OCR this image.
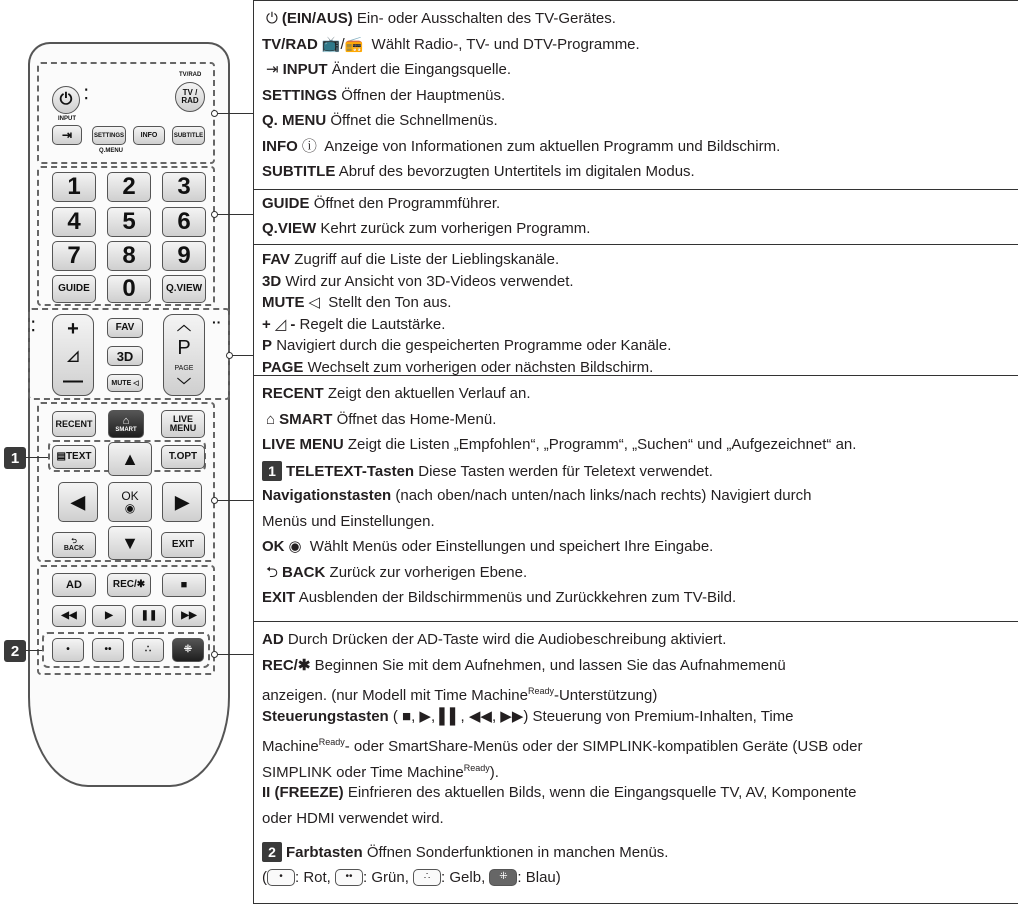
⏻ ⁚
TV/RAD
TV / RAD
INPUT
⇥	SETTINGS	INFO	SUBTITLE
Q.MENU
1	2	3
4	5	6
7	8	9
GUIDE	0	Q.VIEW
⁚	··
+
◿
—
FAV
3D
MUTE
◁
︿
P
PAGE
﹀
RECENT	⌂
SMART
LIVE MENU
▤ TEXT	T.OPT
▲
◀	OK
◉ ▶
⮌
BACK ▼	EXIT
AD	REC/✱	■
◀◀	▶	❚❚ ▶▶
•	••	∴	⁜
1
2
⏻ (EIN/AUS) Ein- oder Ausschalten des TV-Gerätes.
TV/RAD 📺/📻 Wählt Radio-, TV- und DTV-Programme.
⇥ INPUT Ändert die Eingangsquelle.
SETTINGS Öffnen der Hauptmenüs.
Q. MENU Öffnet die Schnellmenüs.
INFO ⓘ Anzeige von Informationen zum aktuellen Programm und Bildschirm.
SUBTITLE Abruf des bevorzugten Untertitels im digitalen Modus.
GUIDE Öffnet den Programmführer.
Q.VIEW Kehrt zurück zum vorherigen Programm.
FAV Zugriff auf die Liste der Lieblingskanäle.
3D Wird zur Ansicht von 3D-Videos verwendet.
MUTE ◁ Stellt den Ton aus.
+ ◿ - Regelt die Lautstärke.
P Navigiert durch die gespeicherten Programme oder Kanäle.
PAGE Wechselt zum vorherigen oder nächsten Bildschirm.
RECENT Zeigt den aktuellen Verlauf an.
⌂ SMART Öffnet das Home-Menü.
LIVE MENU Zeigt die Listen „Empfohlen“, „Programm“, „Suchen“ und „Aufgezeichnet“ an.
1 TELETEXT-Tasten Diese Tasten werden für Teletext verwendet.
Navigationstasten (nach oben/nach unten/nach links/nach rechts) Navigiert durch
Menüs und Einstellungen.
OK ◉ Wählt Menüs oder Einstellungen und speichert Ihre Eingabe.
⮌ BACK Zurück zur vorherigen Ebene.
EXIT Ausblenden der Bildschirmmenüs und Zurückkehren zum TV-Bild.
AD Durch Drücken der AD-Taste wird die Audiobeschreibung aktiviert.
REC/✱ Beginnen Sie mit dem Aufnehmen, und lassen Sie das Aufnahmemenü
anzeigen. (nur Modell mit Time Machine$^{Ready}$-Unterstützung)
Steuerungstasten ( ■, ▶, ▌▌, ◀◀, ▶▶) Steuerung von Premium-Inhalten, Time
Machine$^{Ready}$- oder SmartShare-Menüs oder der SIMPLINK-kompatiblen Geräte (USB oder
SIMPLINK oder Time Machine$^{Ready}$).
II (FREEZE) Einfrieren des aktuellen Bilds, wenn die Eingangsquelle TV, AV, Komponente
oder HDMI verwendet wird.
2 Farbtasten Öffnen Sonderfunktionen in manchen Menüs.
( • : Rot, •• : Grün, ∴ : Gelb, ⁜ : Blau)
